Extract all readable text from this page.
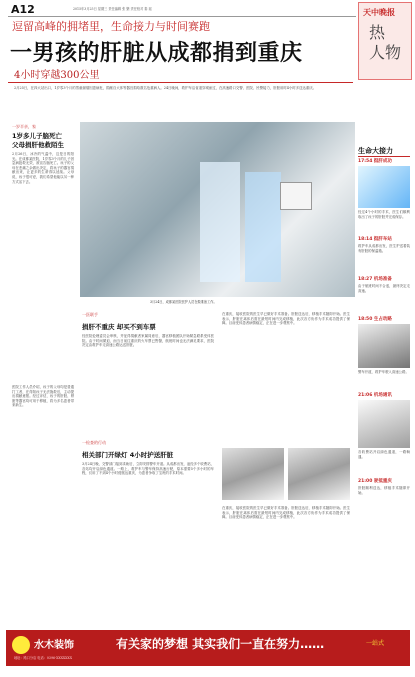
A12	2015年3月25日 星期三 责任编辑 张 樂 责任校对 秦 瑶	天中晚报
热
人物
逗留高峰的拥堵里，生命接力与时间赛跑
一男孩的肝脏从成都捐到重庆
4小时穿越300公里
2月25日，在四大站出口，1岁零3个月的男童谢瑞因患病危，捐献自大体等器官捐给数名危重病人。24日晚间，救护车沿省道穿城而过，在高速路口交警、医院、民警接力，肝脏用时4小时多送达重庆。
一岁半亲，家
1岁多儿子脑死亡
父母捐肝他救陌生
2月26日，冰冷的气温中，这是日的阳光。在成都某医院，1岁零3个月的儿子因急病抢救无效，被宣告脑死亡。孩子的父母在悲痛之余做出决定，将孩子的器官捐献出来，让更多的生命得以延续。父母说，孩子很可爱，我们希望他能以另一种方式活下去。
医院工作人员介绍，孩子的父母均是普通打工者，在得知孩子无法挽救后，主动提出捐献意愿。经过评估，孩子的肝脏、肾脏等器官均可用于移植，将为多名患者带来新生。
3月24日，成都某医院医护人员在做准备工作。
一医联手
捐肝不重庆 却买不到车票
经医院伦理委员会审核，并征得捐献者家属同意后，器官移植团队开始紧急联系受体医院。由于时间紧迫，而当日前往重庆的火车票已售罄，航班时间也无法满足要求，医院决定由救护车走高速公路运送肝脏。
一检查的行动
相关部门开绿灯 4小时护送肝脏
3月24日晚，交警部门接到求助后，立即安排警车开道。从成都出发，途经多个收费站，各站均开启绿色通道。一路上，救护车与警车保持高速行驶，原本需要5个多小时的车程，仅用了不到4个小时便抵达重庆，为患者争取了宝贵的手术时间。
在重庆，接收医院的医生早已做好手术准备。肝脏送达后，移植手术随即开始。医生表示，肝脏在离体后需在最短时间内完成移植，此次各方协作为手术成功提供了保障。目前受体患者病情稳定，正在进一步观察中。
在重庆，接收医院的医生早已做好手术准备。肝脏送达后，移植手术随即开始。医生表示，肝脏在离体后需在最短时间内完成移植，此次各方协作为手术成功提供了保障。目前受体患者病情稳定，正在进一步观察中。
生命大接力
17:54 挺肝成功
经过4个小时的手术，医生们顺利取出了孩子的肝脏并完成保存。
18:14 挺肝车站
救护车从成都出发，医生护送着装有肝脏的保温箱。
18:27 机场准备
由于航班时间不合适，最终决定走高速。
18:50 生占动路
警车开道，救护车驶入高速公路。
21:06 机场通讯
各收费站开启绿色通道，一路畅通。
21:00 驶抵重庆
肝脏顺利送达，移植手术随即开始。
水木装饰	有关家的梦想 其实我们一直在努力……	一站式
地址：路口分店 电话：0396-XXXXXXX
